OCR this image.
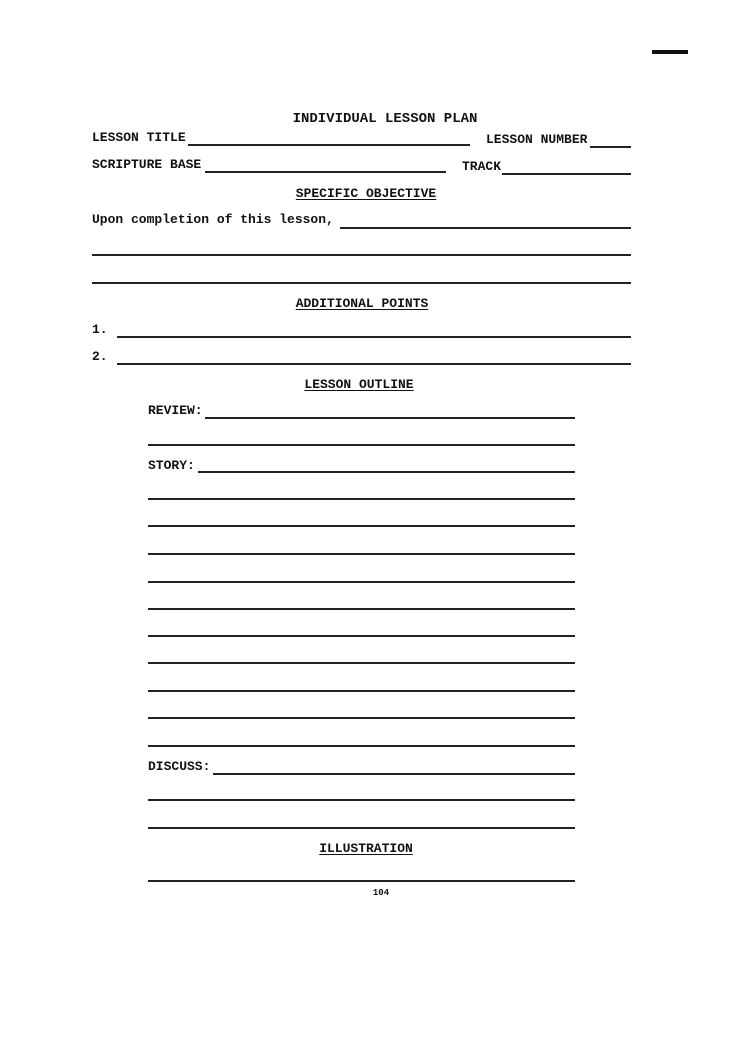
INDIVIDUAL LESSON PLAN
LESSON TITLE	LESSON NUMBER
SCRIPTURE BASE	TRACK
SPECIFIC OBJECTIVE
Upon completion of this lesson,
ADDITIONAL POINTS
1.
2.
LESSON OUTLINE
REVIEW:
STORY:
DISCUSS:
ILLUSTRATION
104
